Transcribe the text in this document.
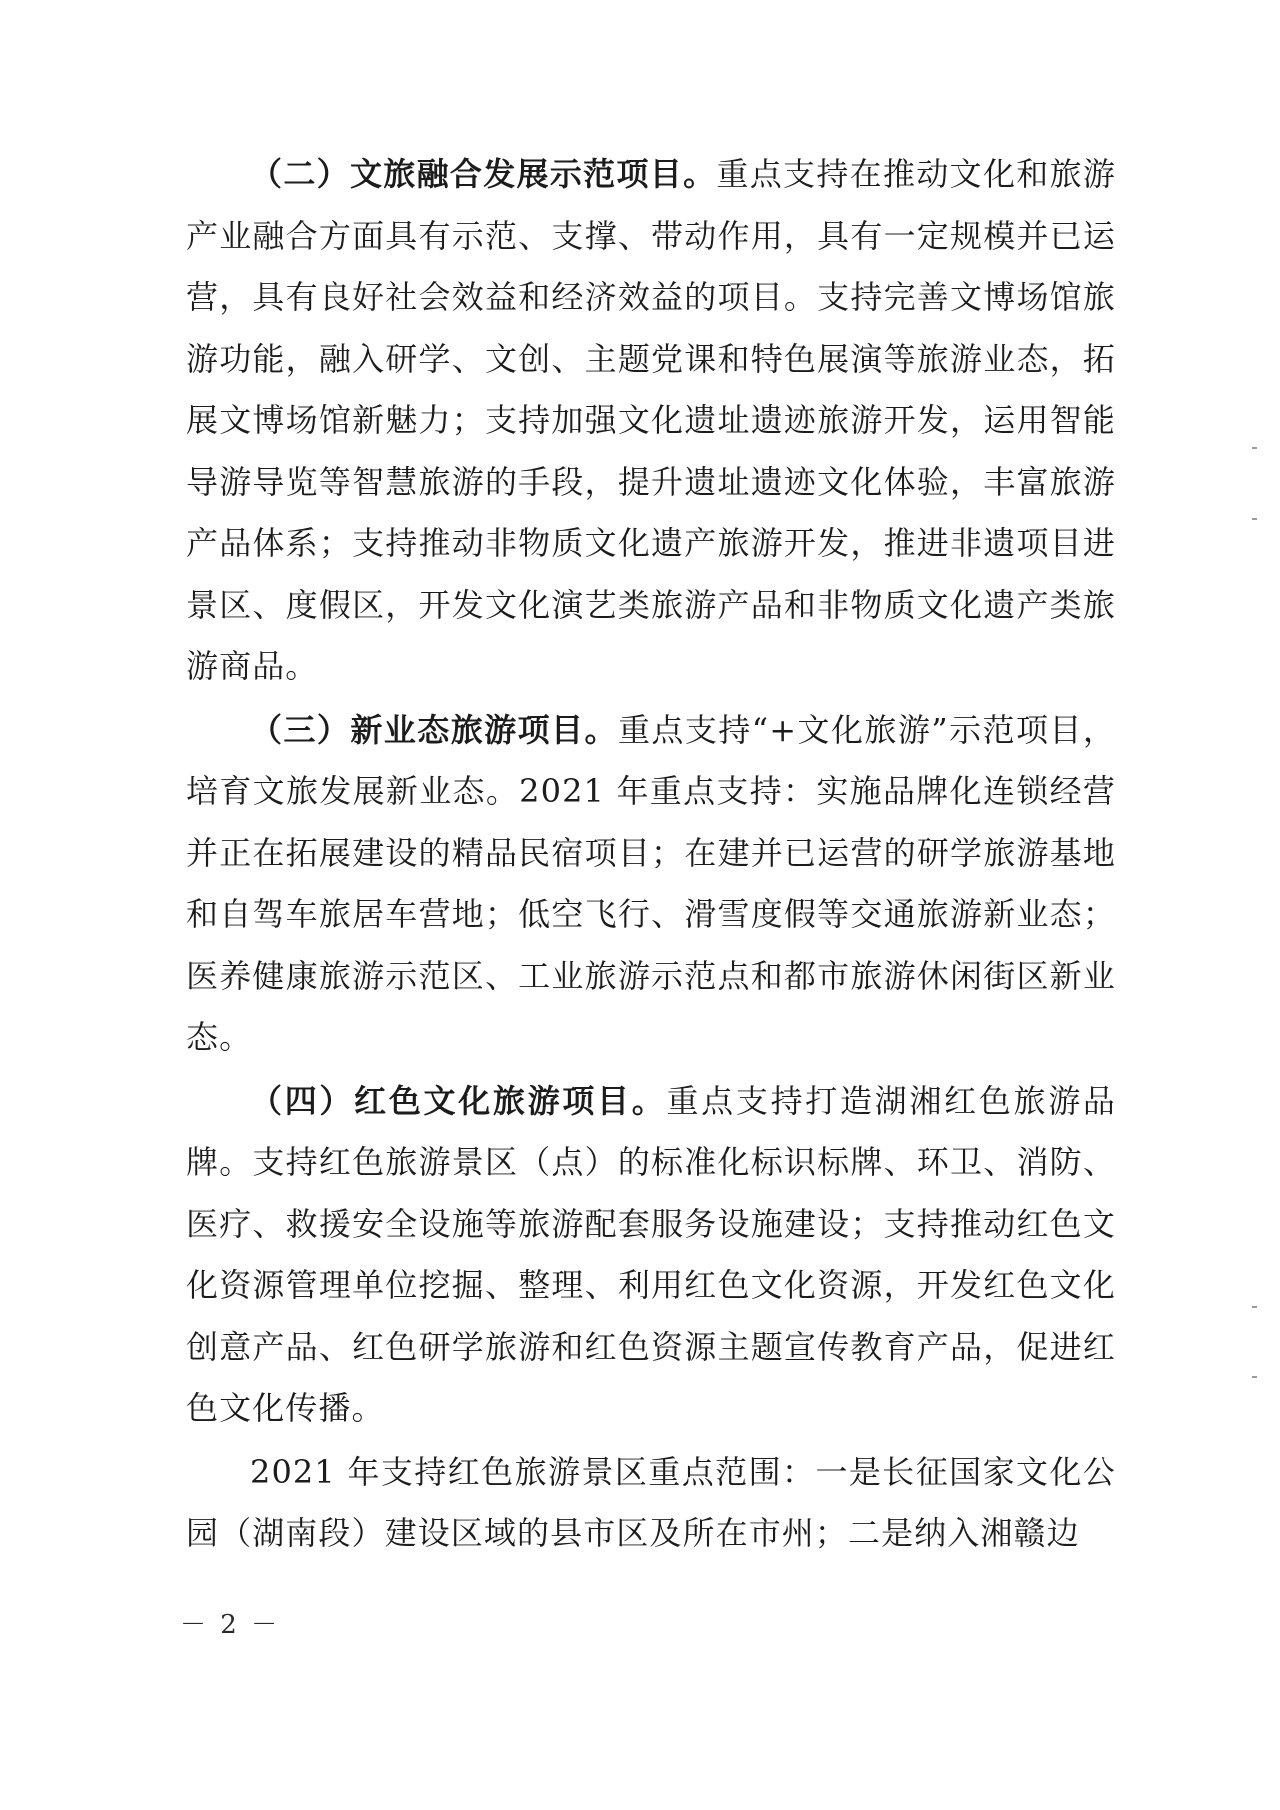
（二）文旅融合发展示范项目。重点支持在推动文化和旅游产业融合方面具有示范、支撑、带动作用，具有一定规模并已运营，具有良好社会效益和经济效益的项目。支持完善文博场馆旅游功能，融入研学、文创、主题党课和特色展演等旅游业态，拓展文博场馆新魅力；支持加强文化遗址遗迹旅游开发，运用智能导游导览等智慧旅游的手段，提升遗址遗迹文化体验，丰富旅游产品体系；支持推动非物质文化遗产旅游开发，推进非遗项目进景区、度假区，开发文化演艺类旅游产品和非物质文化遗产类旅游商品。

（三）新业态旅游项目。重点支持“+文化旅游”示范项目，培育文旅发展新业态。2021 年重点支持：实施品牌化连锁经营并正在拓展建设的精品民宿项目；在建并已运营的研学旅游基地和自驾车旅居车营地；低空飞行、滑雪度假等交通旅游新业态；医养健康旅游示范区、工业旅游示范点和都市旅游休闲街区新业态。

（四）红色文化旅游项目。重点支持打造湖湘红色旅游品牌。支持红色旅游景区（点）的标准化标识标牌、环卫、消防、医疗、救援安全设施等旅游配套服务设施建设；支持推动红色文化资源管理单位挖掘、整理、利用红色文化资源，开发红色文化创意产品、红色研学旅游和红色资源主题宣传教育产品，促进红色文化传播。

2021 年支持红色旅游景区重点范围：一是长征国家文化公园（湖南段）建设区域的县市区及所在市州；二是纳入湘赣边

－ 2 －
